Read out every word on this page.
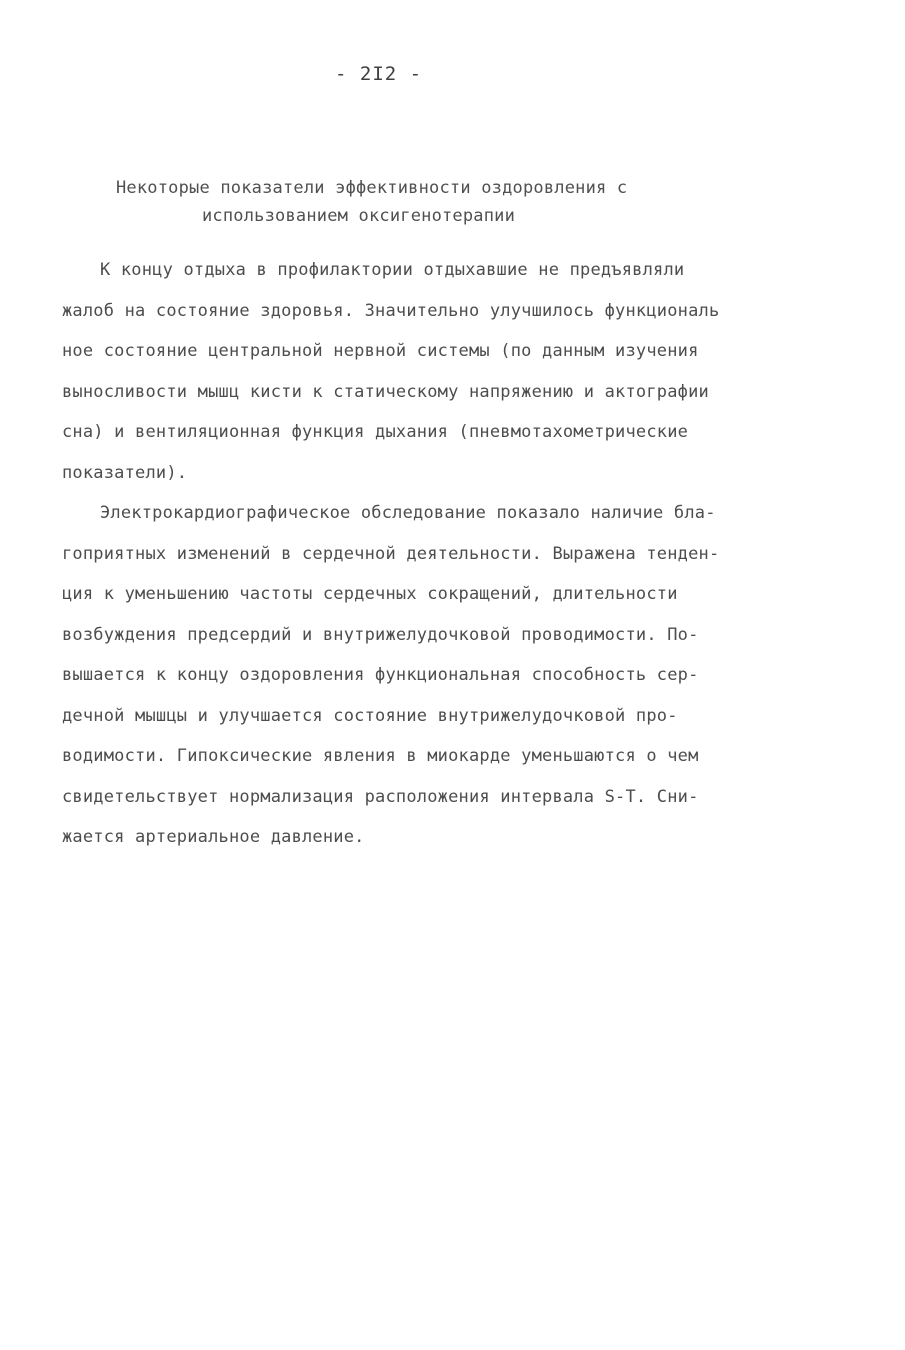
- 2I2 -
Некоторые показатели эффективности оздоровления с
использованием оксигенотерапии
К концу отдыха в профилактории отдыхавшие не предъявляли
жалоб на состояние здоровья. Значительно улучшилось функциональ
ное состояние центральной нервной системы (по данным изучения
выносливости мышц кисти к статическому напряжению и актографии
сна) и вентиляционная функция дыхания (пневмотахометрические
показатели).
Электрокардиографическое обследование показало наличие бла-
гоприятных изменений в сердечной деятельности. Выражена тенден-
ция к уменьшению частоты сердечных сокращений, длительности
возбуждения предсердий и внутрижелудочковой проводимости. По-
вышается к концу оздоровления функциональная способность сер-
дечной мышцы и улучшается состояние внутрижелудочковой про-
водимости. Гипоксические явления в миокарде уменьшаются о чем
свидетельствует нормализация расположения интервала S-T. Сни-
жается артериальное давление.
